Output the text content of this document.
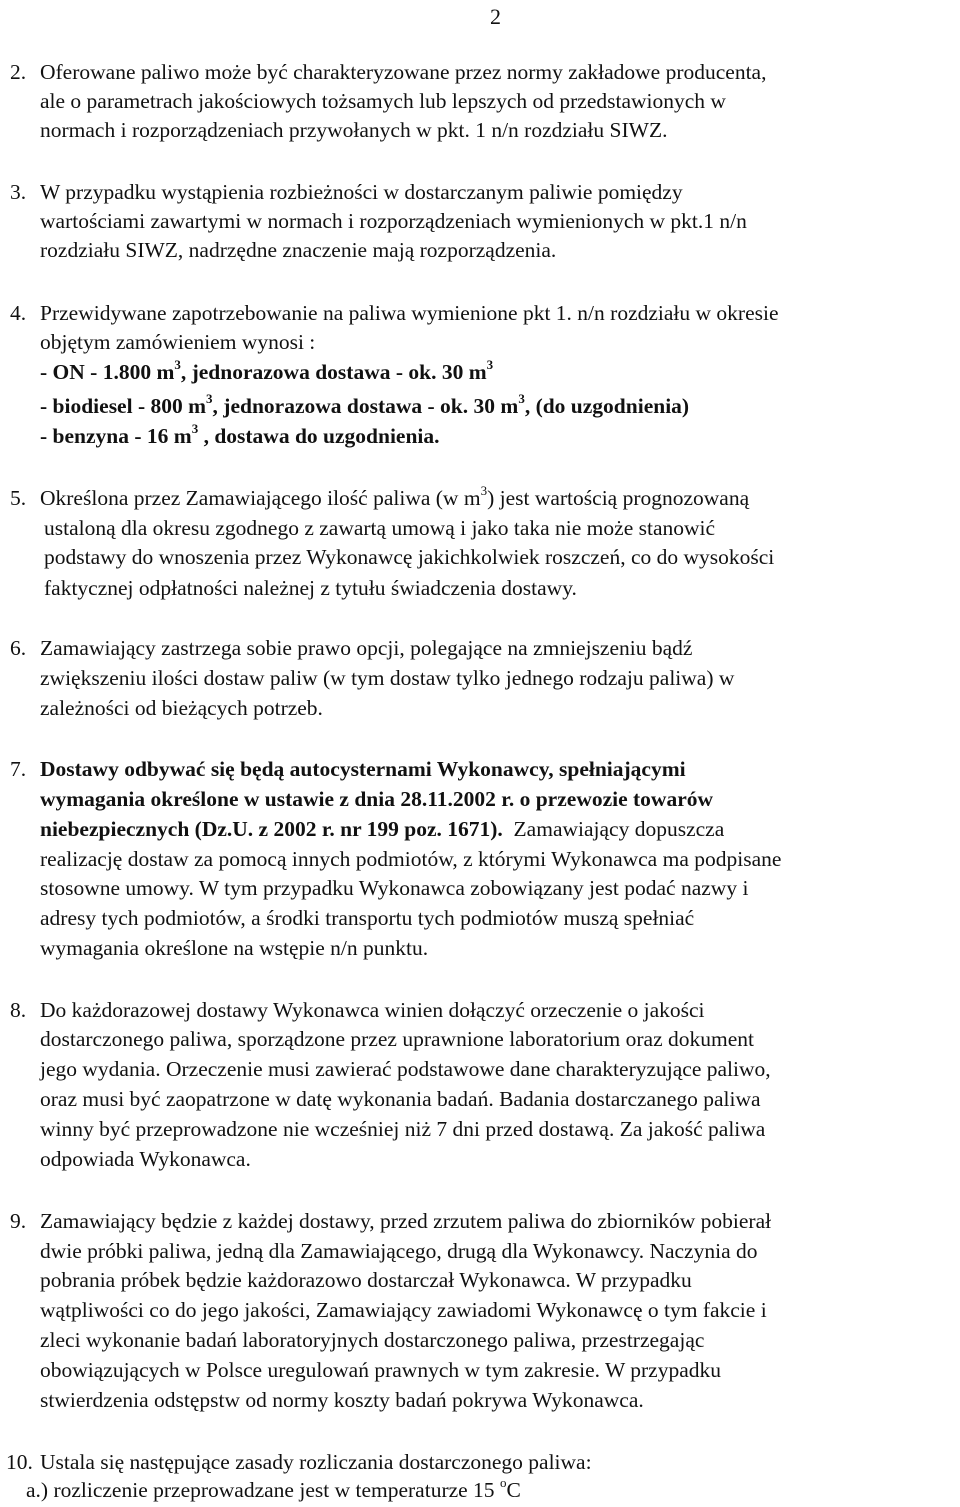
2
2. Oferowane paliwo może być charakteryzowane przez normy zakładowe producenta,
ale o parametrach jakościowych tożsamych lub lepszych od przedstawionych w
normach i rozporządzeniach przywołanych w pkt. 1 n/n rozdziału SIWZ.
3. W przypadku wystąpienia rozbieżności w dostarczanym paliwie pomiędzy
wartościami zawartymi w normach i rozporządzeniach wymienionych w pkt.1 n/n
rozdziału SIWZ, nadrzędne znaczenie mają rozporządzenia.
4. Przewidywane zapotrzebowanie na paliwa wymienione pkt 1. n/n rozdziału w okresie
objętym zamówieniem wynosi :
- ON - 1.800 $m^3$, jednorazowa dostawa - ok. 30 $m^3$
- biodiesel - 800 $m^3$, jednorazowa dostawa - ok. 30 $m^3$, (do uzgodnienia)
- benzyna - 16 $m^3$ , dostawa do uzgodnienia.
5. Określona przez Zamawiającego ilość paliwa (w $m^3$) jest wartością prognozowaną
ustaloną dla okresu zgodnego z zawartą umową i jako taka nie może stanowić
podstawy do wnoszenia przez Wykonawcę jakichkolwiek roszczeń, co do wysokości
faktycznej odpłatności należnej z tytułu świadczenia dostawy.
6. Zamawiający zastrzega sobie prawo opcji, polegające na zmniejszeniu bądź
zwiększeniu ilości dostaw paliw (w tym dostaw tylko jednego rodzaju paliwa) w
zależności od bieżących potrzeb.
7. Dostawy odbywać się będą autocysternami Wykonawcy, spełniającymi
wymagania określone w ustawie z dnia 28.11.2002 r. o przewozie towarów
niebezpiecznych (Dz.U. z 2002 r. nr 199 poz. 1671). Zamawiający dopuszcza
realizację dostaw za pomocą innych podmiotów, z którymi Wykonawca ma podpisane
stosowne umowy. W tym przypadku Wykonawca zobowiązany jest podać nazwy i
adresy tych podmiotów, a środki transportu tych podmiotów muszą spełniać
wymagania określone na wstępie n/n punktu.
8. Do każdorazowej dostawy Wykonawca winien dołączyć orzeczenie o jakości
dostarczonego paliwa, sporządzone przez uprawnione laboratorium oraz dokument
jego wydania. Orzeczenie musi zawierać podstawowe dane charakteryzujące paliwo,
oraz musi być zaopatrzone w datę wykonania badań. Badania dostarczanego paliwa
winny być przeprowadzone nie wcześniej niż 7 dni przed dostawą. Za jakość paliwa
odpowiada Wykonawca.
9. Zamawiający będzie z każdej dostawy, przed zrzutem paliwa do zbiorników pobierał
dwie próbki paliwa, jedną dla Zamawiającego, drugą dla Wykonawcy. Naczynia do
pobrania próbek będzie każdorazowo dostarczał Wykonawca. W przypadku
wątpliwości co do jego jakości, Zamawiający zawiadomi Wykonawcę o tym fakcie i
zleci wykonanie badań laboratoryjnych dostarczonego paliwa, przestrzegając
obowiązujących w Polsce uregulowań prawnych w tym zakresie. W przypadku
stwierdzenia odstępstw od normy koszty badań pokrywa Wykonawca.
10. Ustala się następujące zasady rozliczania dostarczonego paliwa:
a.) rozliczenie przeprowadzane jest w temperaturze 15 $^o$C
